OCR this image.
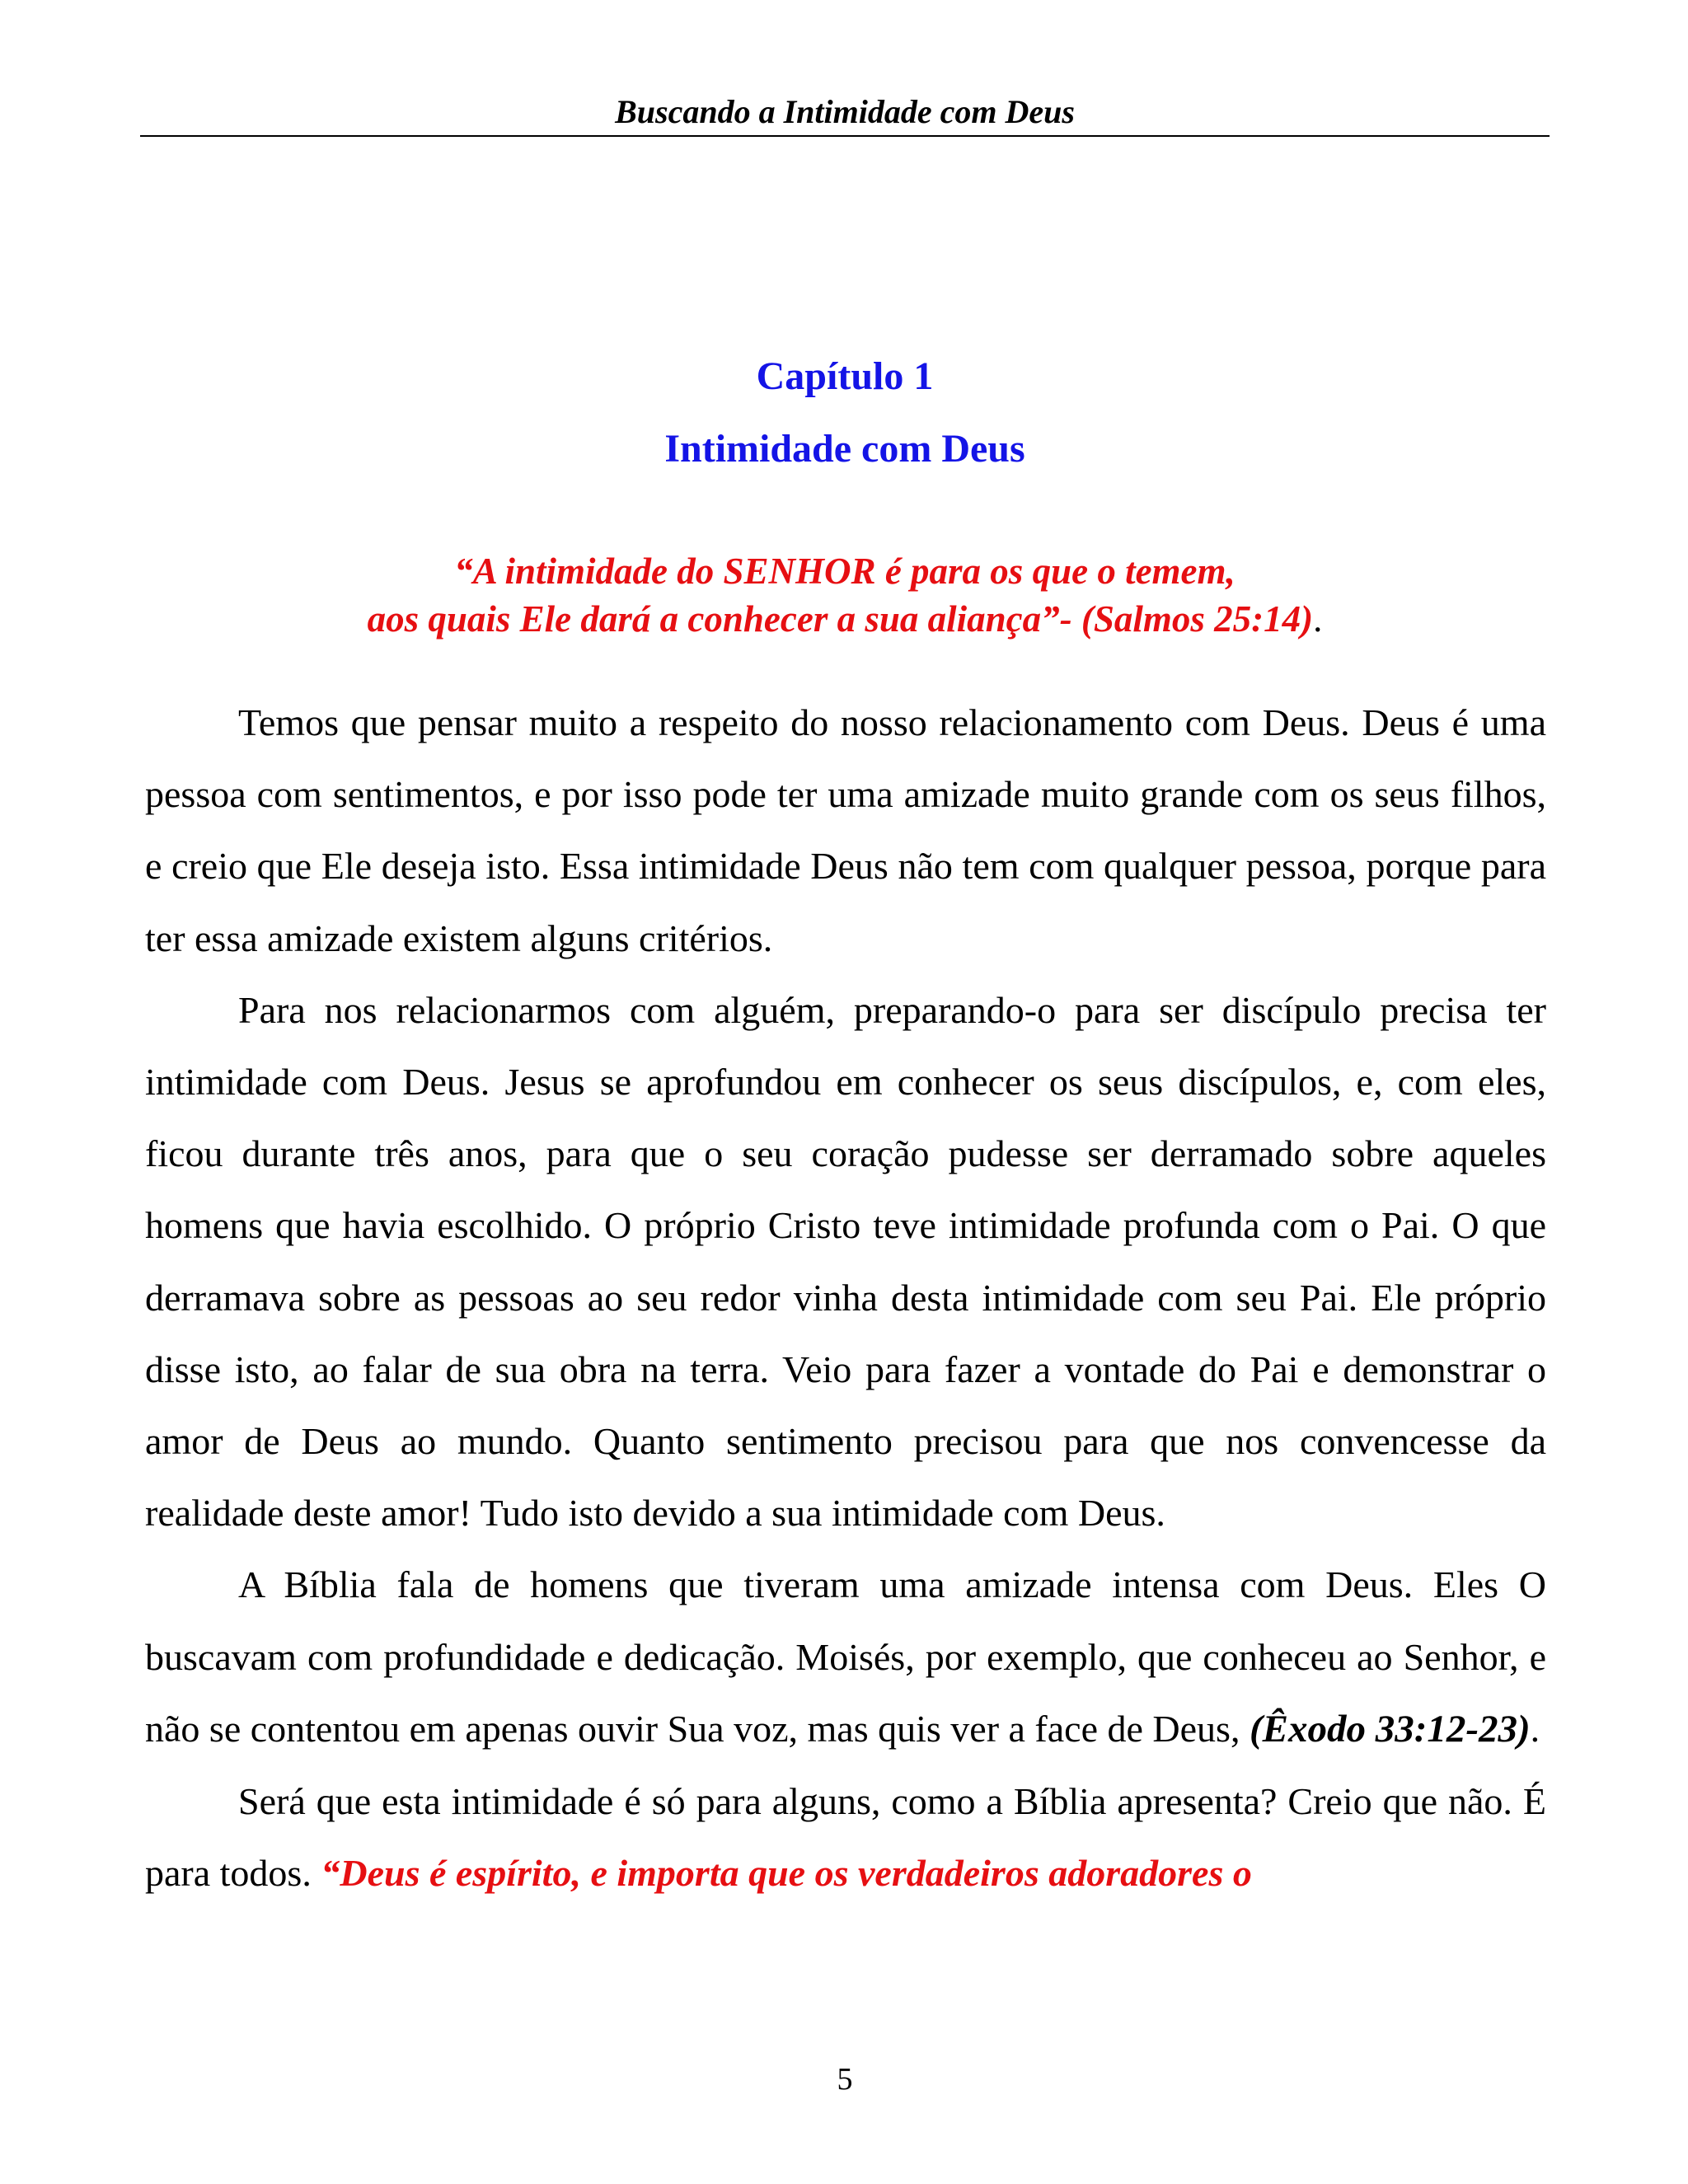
Buscando a Intimidade com Deus
Capítulo 1
Intimidade com Deus
“A intimidade do SENHOR é para os que o temem,
aos quais Ele dará a conhecer a sua aliança”- (Salmos 25:14).

Temos que pensar muito a respeito do nosso relacionamento com Deus. Deus é uma pessoa com sentimentos, e por isso pode ter uma amizade muito grande com os seus filhos, e creio que Ele deseja isto. Essa intimidade Deus não tem com qualquer pessoa, porque para ter essa amizade existem alguns critérios.

Para nos relacionarmos com alguém, preparando-o para ser discípulo precisa ter intimidade com Deus. Jesus se aprofundou em conhecer os seus discípulos, e, com eles, ficou durante três anos, para que o seu coração pudesse ser derramado sobre aqueles homens que havia escolhido. O próprio Cristo teve intimidade profunda com o Pai. O que derramava sobre as pessoas ao seu redor vinha desta intimidade com seu Pai. Ele próprio disse isto, ao falar de sua obra na terra. Veio para fazer a vontade do Pai e demonstrar o amor de Deus ao mundo. Quanto sentimento precisou para que nos convencesse da realidade deste amor! Tudo isto devido a sua intimidade com Deus.

A Bíblia fala de homens que tiveram uma amizade intensa com Deus. Eles O buscavam com profundidade e dedicação. Moisés, por exemplo, que conheceu ao Senhor, e não se contentou em apenas ouvir Sua voz, mas quis ver a face de Deus, (Êxodo 33:12-23).

Será que esta intimidade é só para alguns, como a Bíblia apresenta? Creio que não. É para todos. “Deus é espírito, e importa que os verdadeiros adoradores o

5
